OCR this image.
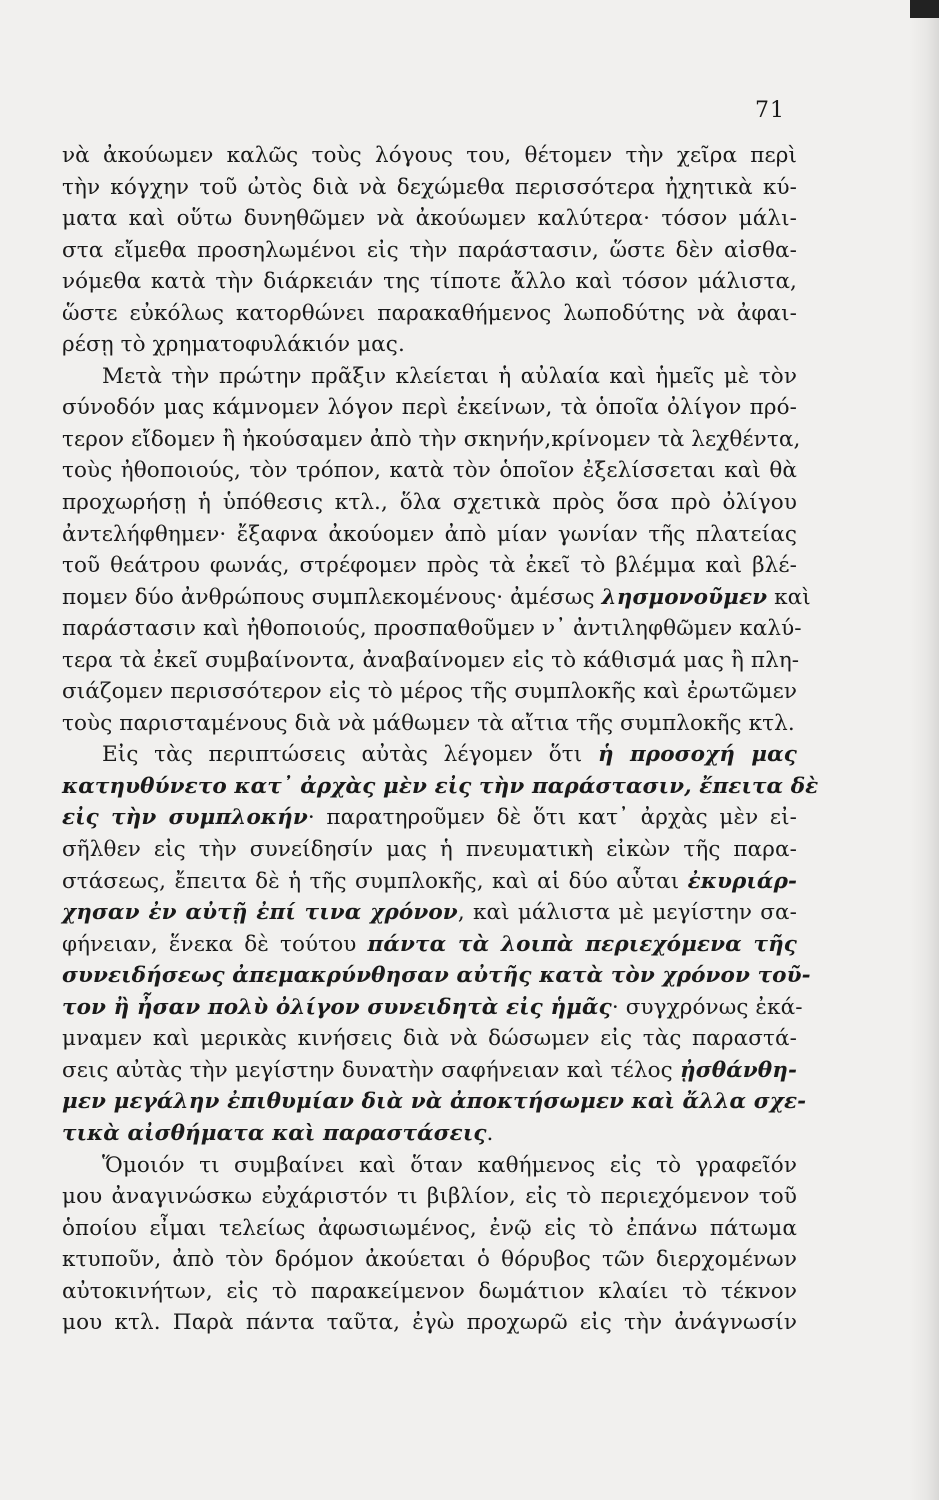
71
νὰ ἀκούωμεν καλῶς τοὺς λόγους του, θέτομεν τὴν χεῖρα περὶ
τὴν κόγχην τοῦ ὠτὸς διὰ νὰ δεχώμεθα περισσότερα ἠχητικὰ κύ-
ματα καὶ οὕτω δυνηθῶμεν νὰ ἀκούωμεν καλύτερα· τόσον μάλι-
στα εἴμεθα προσηλωμένοι εἰς τὴν παράστασιν, ὥστε δὲν αἰσθα-
νόμεθα κατὰ τὴν διάρκειάν της τίποτε ἄλλο καὶ τόσον μάλιστα,
ὥστε εὐκόλως κατορθώνει παρακαθήμενος λωποδύτης νὰ ἀφαι-
ρέσῃ τὸ χρηματοφυλάκιόν μας.
Μετὰ τὴν πρώτην πρᾶξιν κλείεται ἡ αὐλαία καὶ ἡμεῖς μὲ τὸν
σύνοδόν μας κάμνομεν λόγον περὶ ἐκείνων, τὰ ὁποῖα ὀλίγον πρό-
τερον εἴδομεν ἢ ἠκούσαμεν ἀπὸ τὴν σκηνήν,κρίνομεν τὰ λεχθέντα,
τοὺς ἠθοποιούς, τὸν τρόπον, κατὰ τὸν ὁποῖον ἐξελίσσεται καὶ θὰ
προχωρήσῃ ἡ ὑπόθεσις κτλ., ὅλα σχετικὰ πρὸς ὅσα πρὸ ὀλίγου
ἀντελήφθημεν· ἔξαφνα ἀκούομεν ἀπὸ μίαν γωνίαν τῆς πλατείας
τοῦ θεάτρου φωνάς, στρέφομεν πρὸς τὰ ἐκεῖ τὸ βλέμμα καὶ βλέ-
πομεν δύο ἀνθρώπους συμπλεκομένους· ἀμέσως λησμονοῦμεν καὶ
παράστασιν καὶ ἠθοποιούς, προσπαθοῦμεν ν᾽ ἀντιληφθῶμεν καλύ-
τερα τὰ ἐκεῖ συμβαίνοντα, ἀναβαίνομεν εἰς τὸ κάθισμά μας ἢ πλη-
σιάζομεν περισσότερον εἰς τὸ μέρος τῆς συμπλοκῆς καὶ ἐρωτῶμεν
τοὺς παρισταμένους διὰ νὰ μάθωμεν τὰ αἴτια τῆς συμπλοκῆς κτλ.
Εἰς τὰς περιπτώσεις αὐτὰς λέγομεν ὅτι ἡ προσοχή μας
κατηυθύνετο κατ᾽ ἀρχὰς μὲν εἰς τὴν παράστασιν, ἔπειτα δὲ
εἰς τὴν συμπλοκήν· παρατηροῦμεν δὲ ὅτι κατ᾽ ἀρχὰς μὲν εἰ-
σῆλθεν εἰς τὴν συνείδησίν μας ἡ πνευματικὴ εἰκὼν τῆς παρα-
στάσεως, ἔπειτα δὲ ἡ τῆς συμπλοκῆς, καὶ αἱ δύο αὗται ἐκυριάρ-
χησαν ἐν αὐτῇ ἐπί τινα χρόνον, καὶ μάλιστα μὲ μεγίστην σα-
φήνειαν, ἕνεκα δὲ τούτου πάντα τὰ λοιπὰ περιεχόμενα τῆς
συνειδήσεως ἀπεμακρύνθησαν αὐτῆς κατὰ τὸν χρόνον τοῦ-
τον ἢ ἦσαν πολὺ ὀλίγον συνειδητὰ εἰς ἡμᾶς· συγχρόνως ἐκά-
μναμεν καὶ μερικὰς κινήσεις διὰ νὰ δώσωμεν εἰς τὰς παραστά-
σεις αὐτὰς τὴν μεγίστην δυνατὴν σαφήνειαν καὶ τέλος ᾐσθάνθη-
μεν μεγάλην ἐπιθυμίαν διὰ νὰ ἀποκτήσωμεν καὶ ἄλλα σχε-
τικὰ αἰσθήματα καὶ παραστάσεις.
Ὅμοιόν τι συμβαίνει καὶ ὅταν καθήμενος εἰς τὸ γραφεῖόν
μου ἀναγινώσκω εὐχάριστόν τι βιβλίον, εἰς τὸ περιεχόμενον τοῦ
ὁποίου εἶμαι τελείως ἀφωσιωμένος, ἐνῷ εἰς τὸ ἐπάνω πάτωμα
κτυποῦν, ἀπὸ τὸν δρόμον ἀκούεται ὁ θόρυβος τῶν διερχομένων
αὐτοκινήτων, εἰς τὸ παρακείμενον δωμάτιον κλαίει τὸ τέκνον
μου κτλ. Παρὰ πάντα ταῦτα, ἐγὼ προχωρῶ εἰς τὴν ἀνάγνωσίν
